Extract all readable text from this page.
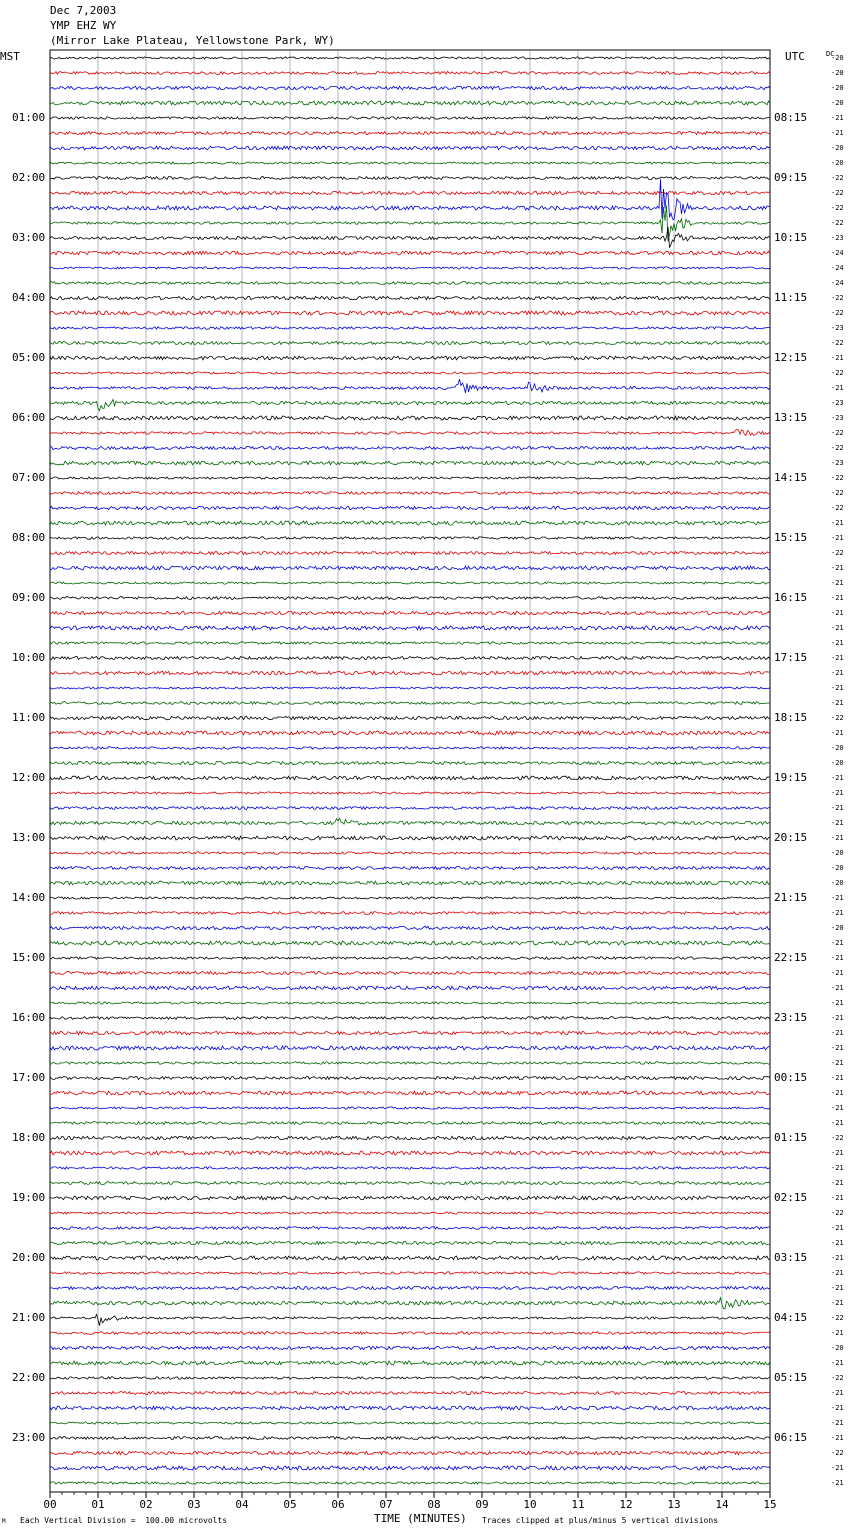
Dec 7,2003
YMP EHZ WY
(Mirror Lake Plateau, Yellowstone Park, WY)
MST	UTC	DC
01:00
02:00
03:00
04:00
05:00
06:00
07:00
08:00
09:00
10:00
11:00
12:00
13:00
14:00
15:00
16:00
17:00
18:00
19:00
20:00
21:00
22:00
23:00
08:15
09:15
10:15
11:15
12:15
13:15
14:15
15:15
16:15
17:15
18:15
19:15
20:15
21:15
22:15
23:15
00:15
01:15
02:15
03:15
04:15
05:15
06:15
-20
-20
-20
-20
-21
-21
-20
-20
-22
-22
-22
-22
-23
-24
-24
-24
-22
-22
-23
-22
-21
-22
-21
-23
-23
-22
-22
-23
-22
-22
-22
-21
-21
-22
-21
-21
-21
-21
-21
-21
-21
-21
-21
-21
-22
-21
-20
-20
-21
-21
-21
-21
-21
-20
-20
-20
-21
-21
-20
-21
-21
-21
-21
-21
-21
-21
-21
-21
-21
-21
-21
-21
-22
-21
-21
-21
-21
-22
-21
-21
-21
-21
-21
-21
-22
-21
-20
-21
-22
-21
-21
-21
-21
-22
-21
-21
00	01	02	03	04	05	06	07	08	09	10	11	12	13	14	15
TIME (MINUTES)
Each Vertical Division =  100.00 microvolts	Traces clipped at plus/minus 5 vertical divisions
M
